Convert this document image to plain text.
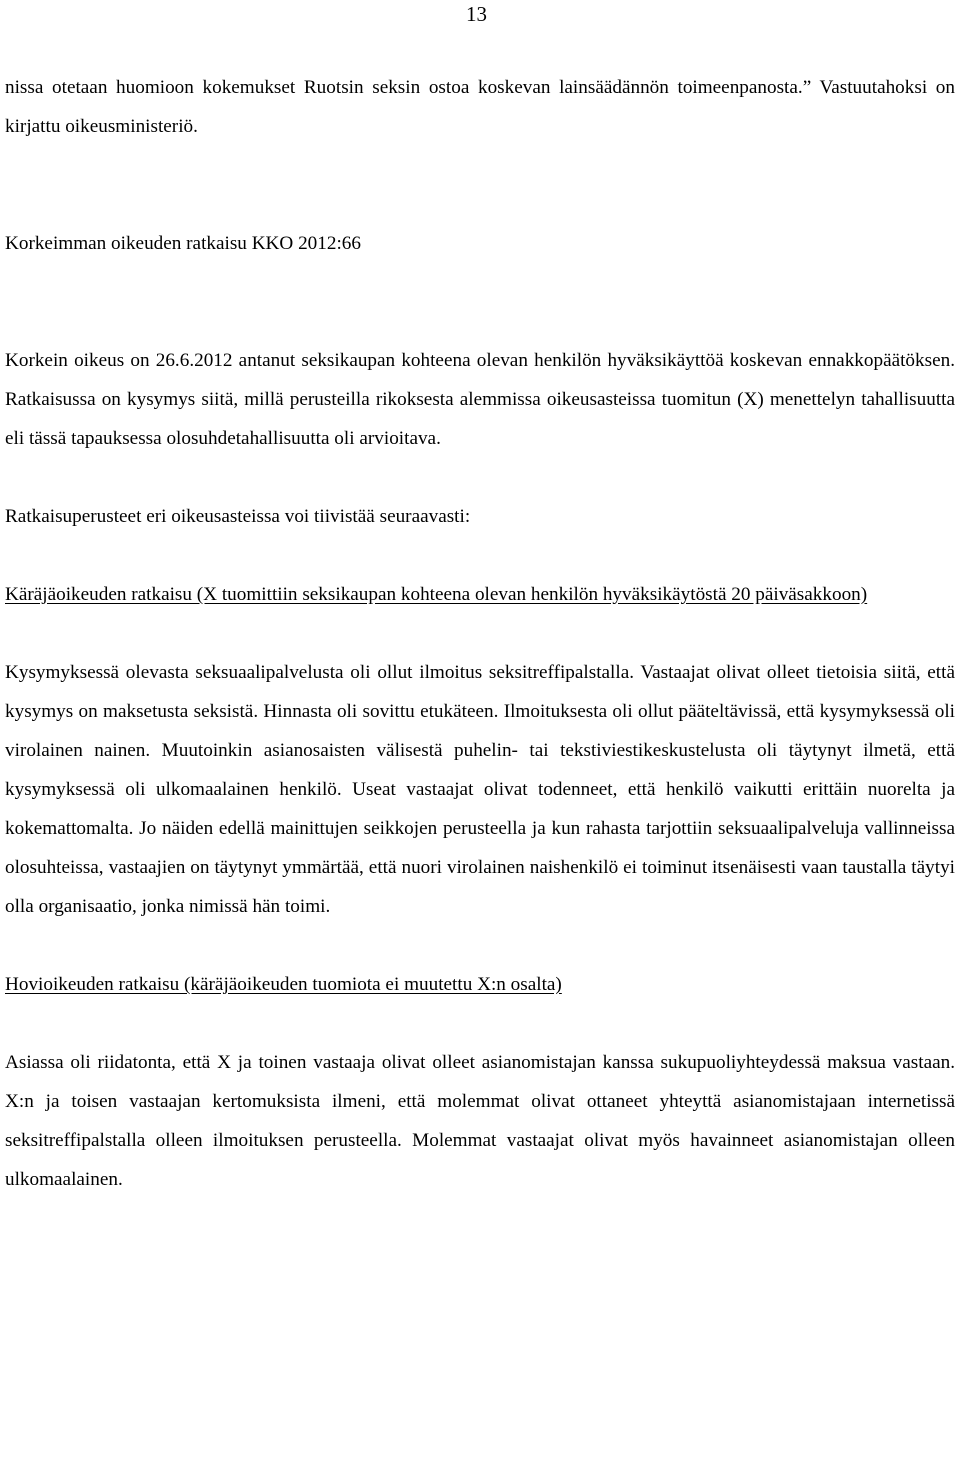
13

nissa otetaan huomioon kokemukset Ruotsin seksin ostoa koskevan lainsäädännön toimeenpanosta.” Vastuutahoksi on kirjattu oikeusministeriö.

Korkeimman oikeuden ratkaisu KKO 2012:66

Korkein oikeus on 26.6.2012 antanut seksikaupan kohteena olevan henkilön hyväksikäyttöä koskevan ennakkopäätöksen. Ratkaisussa on kysymys siitä, millä perusteilla rikoksesta alemmissa oikeusasteissa tuomitun (X) menettelyn tahallisuutta eli tässä tapauksessa olosuhdetahallisuutta oli arvioitava.

Ratkaisuperusteet eri oikeusasteissa voi tiivistää seuraavasti:

Käräjäoikeuden ratkaisu (X tuomittiin seksikaupan kohteena olevan henkilön hyväksikäytöstä 20 päiväsakkoon)

Kysymyksessä olevasta seksuaalipalvelusta oli ollut ilmoitus seksitreffipalstalla. Vastaajat olivat olleet tietoisia siitä, että kysymys on maksetusta seksistä. Hinnasta oli sovittu etukäteen. Ilmoituksesta oli ollut pääteltävissä, että kysymyksessä oli virolainen nainen. Muutoinkin asianosaisten välisestä puhelin- tai tekstiviestikeskustelusta oli täytynyt ilmetä, että kysymyksessä oli ulkomaalainen henkilö. Useat vastaajat olivat todenneet, että henkilö vaikutti erittäin nuorelta ja kokemattomalta. Jo näiden edellä mainittujen seikkojen perusteella ja kun rahasta tarjottiin seksuaalipalveluja vallinneissa olosuhteissa, vastaajien on täytynyt ymmärtää, että nuori virolainen naishenkilö ei toiminut itsenäisesti vaan taustalla täytyi olla organisaatio, jonka nimissä hän toimi.

Hovioikeuden ratkaisu (käräjäoikeuden tuomiota ei muutettu X:n osalta)

Asiassa oli riidatonta, että X ja toinen vastaaja olivat olleet asianomistajan kanssa sukupuoliyhteydessä maksua vastaan. X:n ja toisen vastaajan kertomuksista ilmeni, että molemmat olivat ottaneet yhteyttä asianomistajaan internetissä seksitreffipalstalla olleen ilmoituksen perusteella. Molemmat vastaajat olivat myös havainneet asianomistajan olleen ulkomaalainen.
